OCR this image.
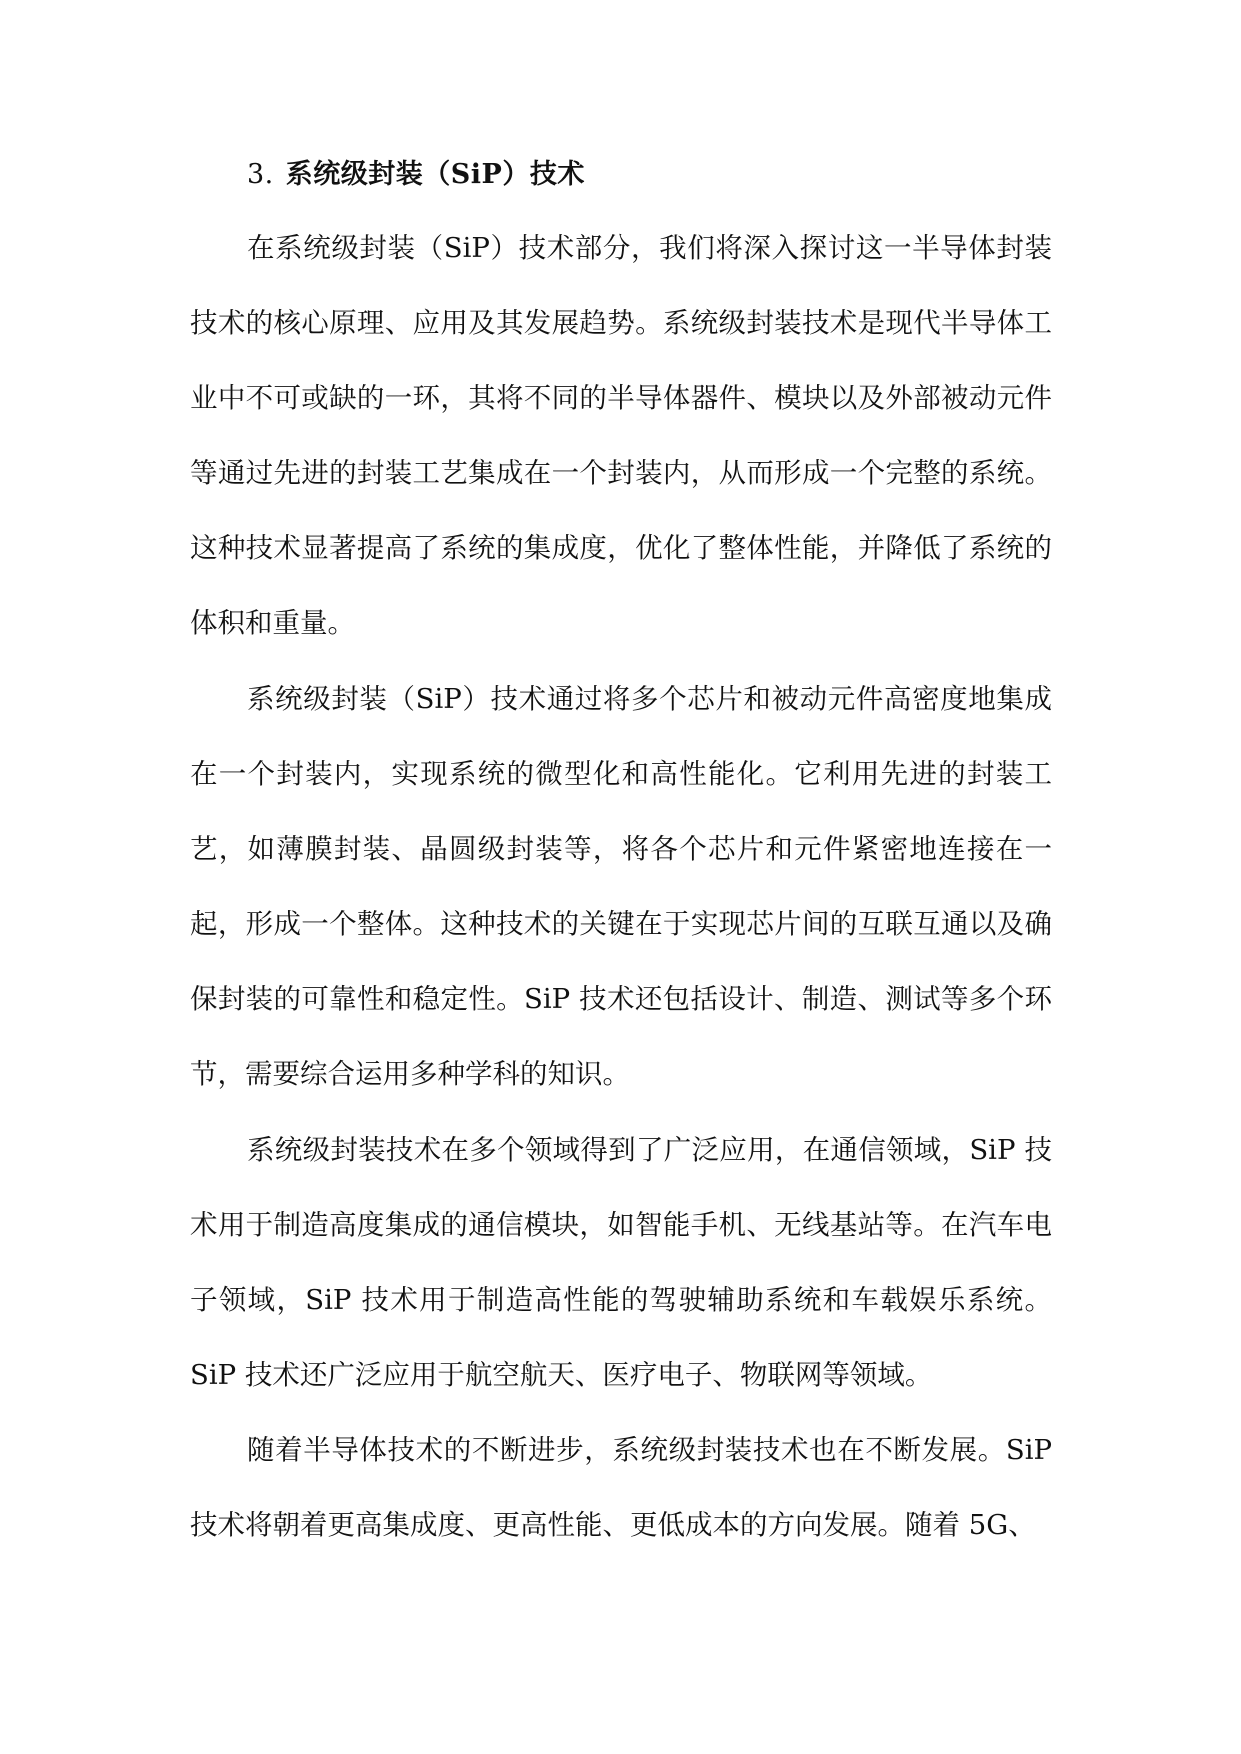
3. 系统级封装（SiP）技术

在系统级封装（SiP）技术部分，我们将深入探讨这一半导体封装技术的核心原理、应用及其发展趋势。系统级封装技术是现代半导体工业中不可或缺的一环，其将不同的半导体器件、模块以及外部被动元件等通过先进的封装工艺集成在一个封装内，从而形成一个完整的系统。这种技术显著提高了系统的集成度，优化了整体性能，并降低了系统的体积和重量。

系统级封装（SiP）技术通过将多个芯片和被动元件高密度地集成在一个封装内，实现系统的微型化和高性能化。它利用先进的封装工艺，如薄膜封装、晶圆级封装等，将各个芯片和元件紧密地连接在一起，形成一个整体。这种技术的关键在于实现芯片间的互联互通以及确保封装的可靠性和稳定性。SiP 技术还包括设计、制造、测试等多个环节，需要综合运用多种学科的知识。

系统级封装技术在多个领域得到了广泛应用，在通信领域，SiP 技术用于制造高度集成的通信模块，如智能手机、无线基站等。在汽车电子领域，SiP 技术用于制造高性能的驾驶辅助系统和车载娱乐系统。SiP 技术还广泛应用于航空航天、医疗电子、物联网等领域。

随着半导体技术的不断进步，系统级封装技术也在不断发展。SiP 技术将朝着更高集成度、更高性能、更低成本的方向发展。随着 5G、
